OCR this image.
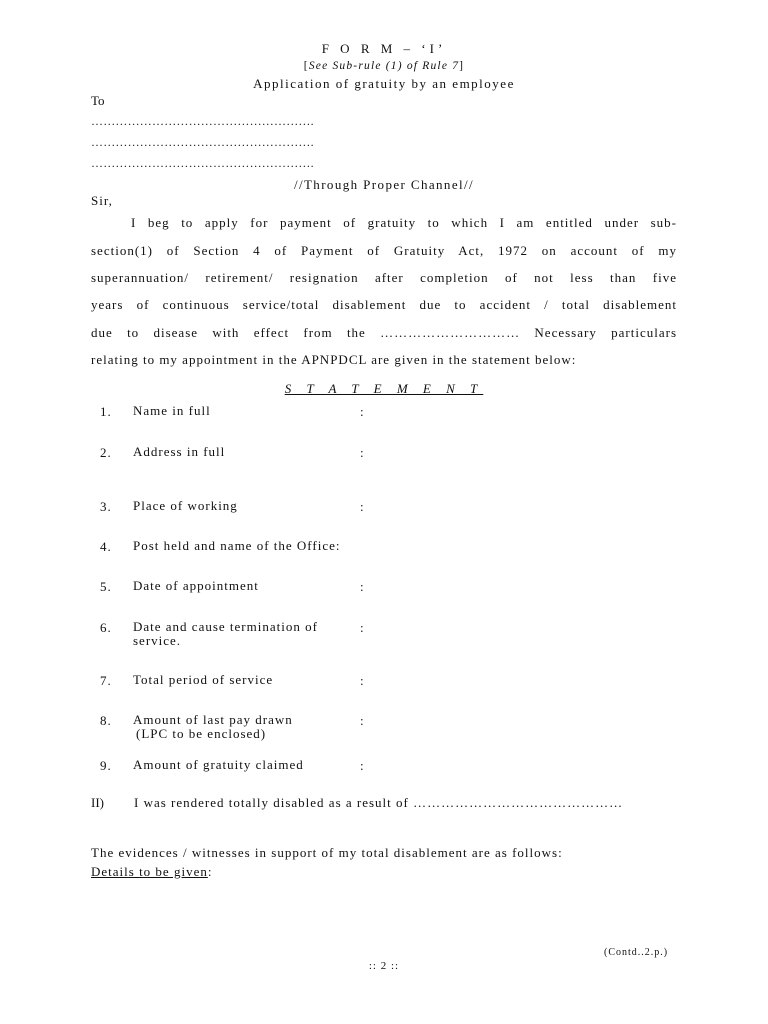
F O R M – ‘I’
[See Sub-rule (1) of Rule 7]
Application of gratuity by an employee
To
……………………………………………….
……………………………………………….
……………………………………………….
//Through Proper Channel//
Sir,
I beg to apply for payment of gratuity to which I am entitled under sub-
section(1) of Section 4 of Payment of Gratuity Act, 1972 on account of my
superannuation/ retirement/ resignation after completion of not less than five
years of continuous service/total disablement due to accident / total disablement
due to disease with effect from the ………………………… Necessary particulars
relating to my appointment in the APNPDCL are given in the statement below:
S T A T E M E N T
1. Name in full	:
2. Address in full	:
3. Place of working	:
4. Post held and name of the Office:
5. Date of appointment	:
6. Date and cause termination of
service.
:
7. Total period of service	:
8. Amount of last pay drawn
(LPC to be enclosed)
:
9. Amount of gratuity claimed	:
II) I was rendered totally disabled as a result of ………………………………………
The evidences / witnesses in support of my total disablement are as follows:
Details to be given:
(Contd..2.p.)
:: 2 ::
